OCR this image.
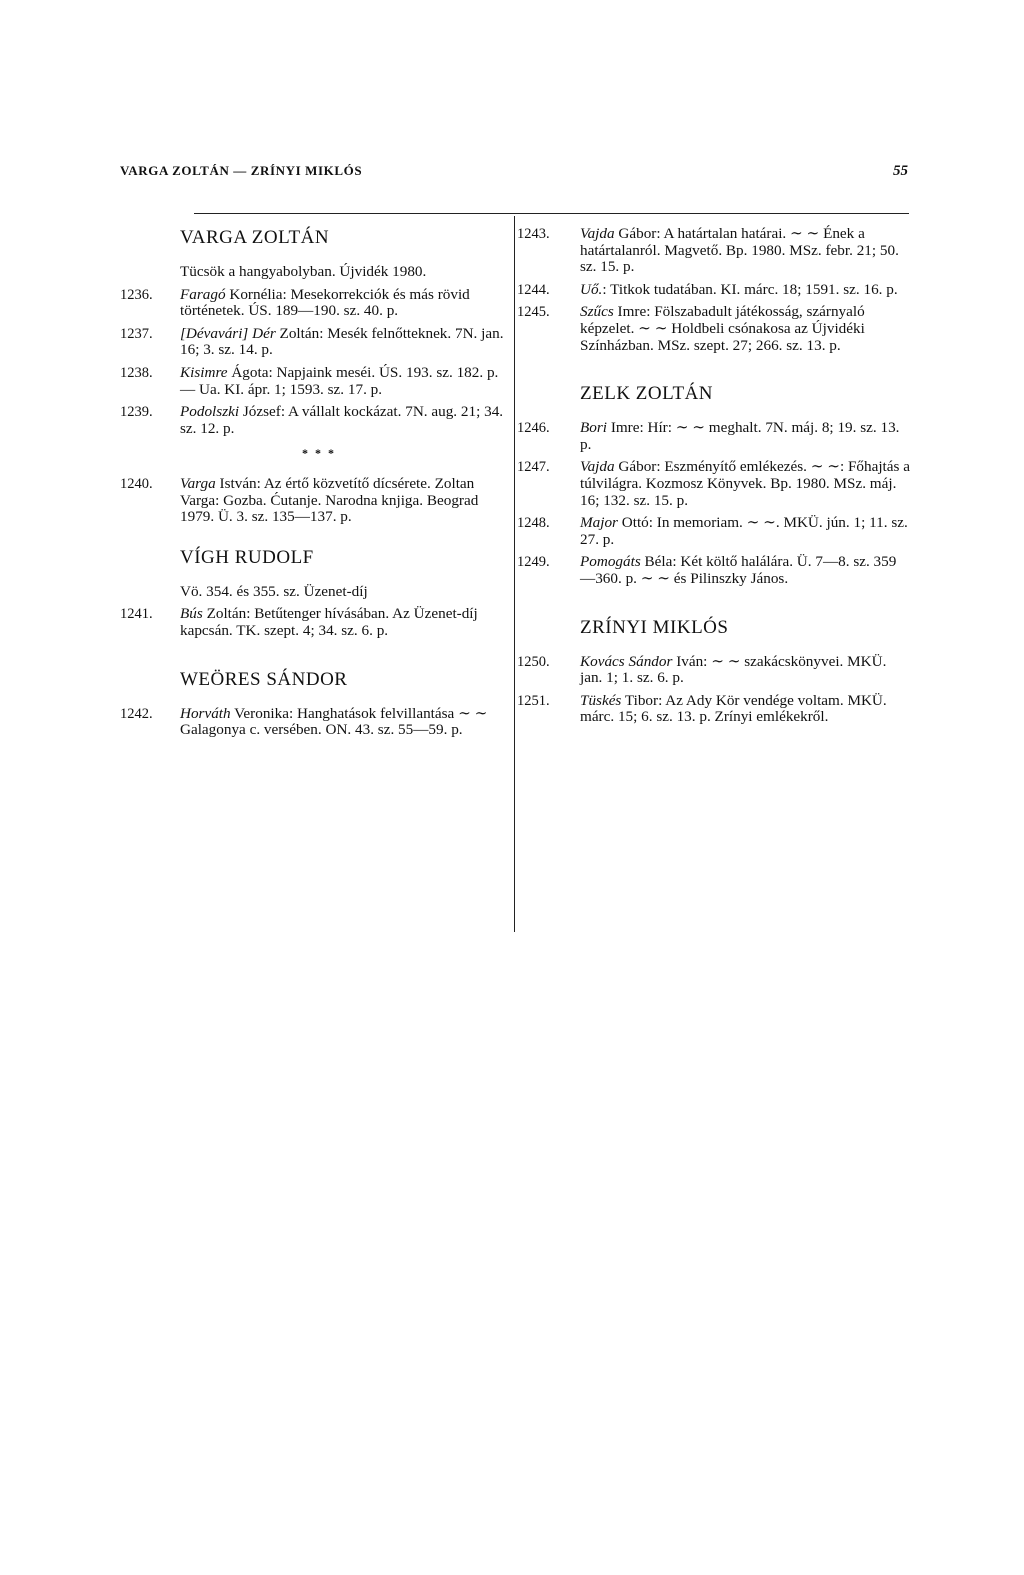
VARGA ZOLTÁN — ZRÍNYI MIKLÓS	55
VARGA ZOLTÁN
Tücsök a hangyabolyban. Újvidék 1980.
1236.	Faragó Kornélia: Mesekorrekciók és más rövid történetek. ÚS. 189—190. sz. 40. p.
1237.	[Dévavári] Dér Zoltán: Mesék felnőtteknek. 7N. jan. 16; 3. sz. 14. p.
1238.	Kisimre Ágota: Napjaink meséi. ÚS. 193. sz. 182. p. — Ua. KI. ápr. 1; 1593. sz. 17. p.
1239.	Podolszki József: A vállalt kockázat. 7N. aug. 21; 34. sz. 12. p.
* * *
1240.	Varga István: Az értő közvetítő dícsérete. Zoltan Varga: Gozba. Ćutanje. Narodna knjiga. Beograd 1979. Ü. 3. sz. 135—137. p.
VÍGH RUDOLF
Vö. 354. és 355. sz. Üzenet-díj
1241.	Bús Zoltán: Betűtenger hívásában. Az Üzenet-díj kapcsán. TK. szept. 4; 34. sz. 6. p.
WEÖRES SÁNDOR
1242.	Horváth Veronika: Hanghatások felvillantása ∼ ∼ Galagonya c. versében. ON. 43. sz. 55—59. p.
1243.	Vajda Gábor: A határtalan határai. ∼ ∼ Ének a határtalanról. Magvető. Bp. 1980. MSz. febr. 21; 50. sz. 15. p.
1244.	Uő.: Titkok tudatában. KI. márc. 18; 1591. sz. 16. p.
1245.	Szűcs Imre: Fölszabadult játékosság, szárnyaló képzelet. ∼ ∼ Holdbeli csónakosa az Újvidéki Színházban. MSz. szept. 27; 266. sz. 13. p.
ZELK ZOLTÁN
1246.	Bori Imre: Hír: ∼ ∼ meghalt. 7N. máj. 8; 19. sz. 13. p.
1247.	Vajda Gábor: Eszményítő emlékezés. ∼ ∼: Főhajtás a túlvilágra. Kozmosz Könyvek. Bp. 1980. MSz. máj. 16; 132. sz. 15. p.
1248.	Major Ottó: In memoriam. ∼ ∼. MKÜ. jún. 1; 11. sz. 27. p.
1249.	Pomogáts Béla: Két költő halálára. Ü. 7—8. sz. 359—360. p. ∼ ∼ és Pilinszky János.
ZRÍNYI MIKLÓS
1250.	Kovács Sándor Iván: ∼ ∼ szakácskönyvei. MKÜ. jan. 1; 1. sz. 6. p.
1251.	Tüskés Tibor: Az Ady Kör vendége voltam. MKÜ. márc. 15; 6. sz. 13. p. Zrínyi emlékekről.
